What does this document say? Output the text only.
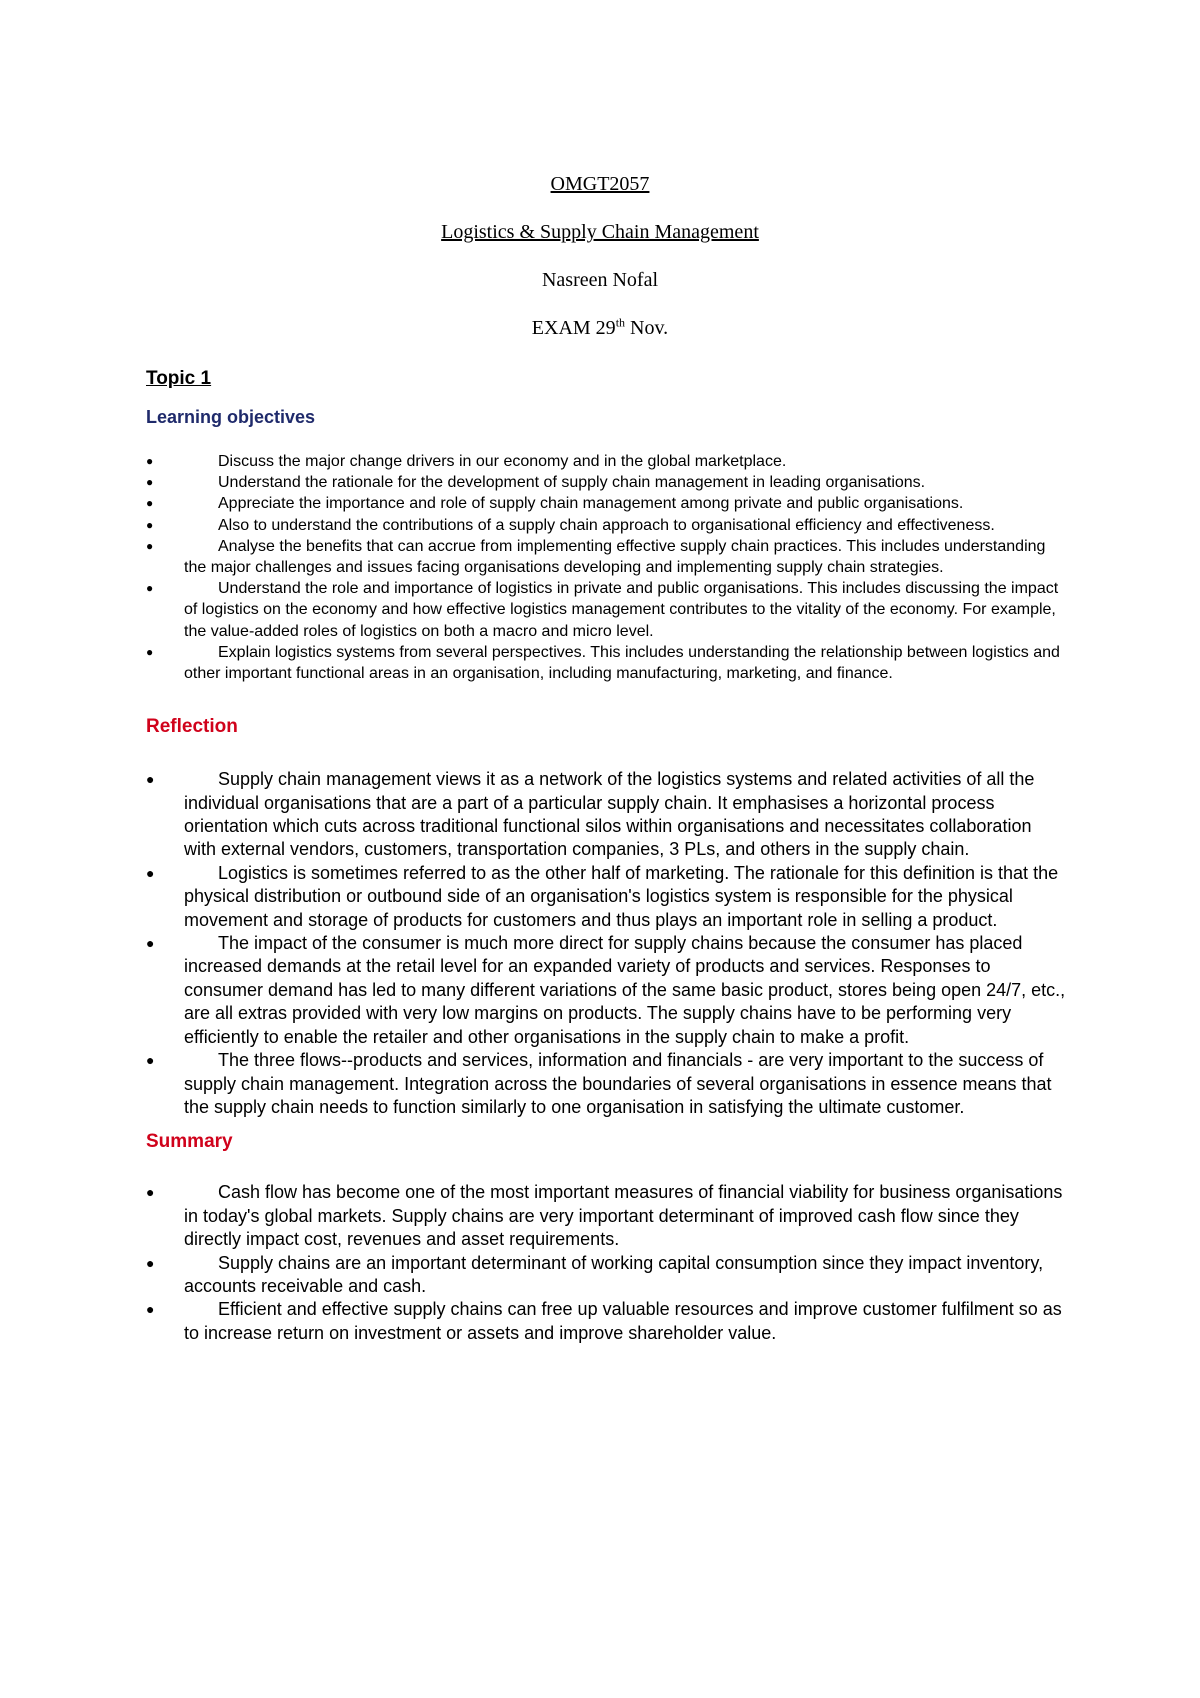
OMGT2057
Logistics & Supply Chain Management
Nasreen Nofal
EXAM 29th Nov.
Topic 1
Learning objectives
●	Discuss the major change drivers in our economy and in the global marketplace.
●	Understand the rationale for the development of supply chain management in leading organisations.
●	Appreciate the importance and role of supply chain management among private and public organisations.
●	Also to understand the contributions of a supply chain approach to organisational efficiency and effectiveness.
●	Analyse the benefits that can accrue from implementing effective supply chain practices. This includes understanding the major challenges and issues facing organisations developing and implementing supply chain strategies.
●	Understand the role and importance of logistics in private and public organisations. This includes discussing the impact of logistics on the economy and how effective logistics management contributes to the vitality of the economy. For example, the value-added roles of logistics on both a macro and micro level.
●	Explain logistics systems from several perspectives. This includes understanding the relationship between logistics and other important functional areas in an organisation, including manufacturing, marketing, and finance.
Reflection
●	Supply chain management views it as a network of the logistics systems and related activities of all the individual organisations that are a part of a particular supply chain. It emphasises a horizontal process orientation which cuts across traditional functional silos within organisations and necessitates collaboration with external vendors, customers, transportation companies, 3 PLs, and others in the supply chain.
●	Logistics is sometimes referred to as the other half of marketing. The rationale for this definition is that the physical distribution or outbound side of an organisation's logistics system is responsible for the physical movement and storage of products for customers and thus plays an important role in selling a product.
●	The impact of the consumer is much more direct for supply chains because the consumer has placed increased demands at the retail level for an expanded variety of products and services. Responses to consumer demand has led to many different variations of the same basic product, stores being open 24/7, etc., are all extras provided with very low margins on products. The supply chains have to be performing very efficiently to enable the retailer and other organisations in the supply chain to make a profit.
●	The three flows--products and services, information and financials - are very important to the success of supply chain management. Integration across the boundaries of several organisations in essence means that the supply chain needs to function similarly to one organisation in satisfying the ultimate customer.
Summary
●	Cash flow has become one of the most important measures of financial viability for business organisations in today's global markets. Supply chains are very important determinant of improved cash flow since they directly impact cost, revenues and asset requirements.
●	Supply chains are an important determinant of working capital consumption since they impact inventory, accounts receivable and cash.
●	Efficient and effective supply chains can free up valuable resources and improve customer fulfilment so as to increase return on investment or assets and improve shareholder value.
